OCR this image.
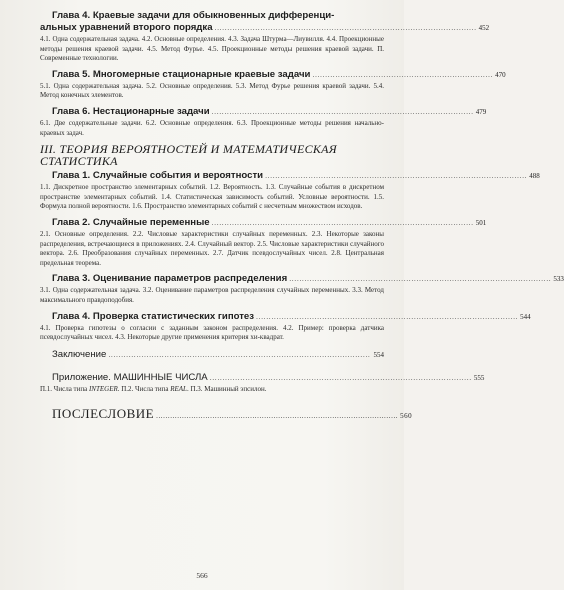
Глава 4. Краевые задачи для обыкновенных дифференци-
альных уравнений второго порядка ....................................................................................................... 452

4.1. Одна содержательная задача. 4.2. Основные определения. 4.3. Задача Штурма—Лиувилля. 4.4. Проекционные методы решения краевой задачи. 4.5. Метод Фурье. 4.5. Проекционные методы решения краевой задачи. П. Современные технологии.

Глава 5. Многомерные стационарные краевые задачи ....................................................................... 470

5.1. Одна содержательная задача. 5.2. Основные определения. 5.3. Метод Фурье решения краевой задачи. 5.4. Метод конечных элементов.

Глава 6. Нестационарные задачи ....................................................................................................... 479

6.1. Две содержательные задачи. 6.2. Основные определения. 6.3. Проекционные методы решения начально-краевых задач.

III. ТЕОРИЯ ВЕРОЯТНОСТЕЙ И МАТЕМАТИЧЕСКАЯ
СТАТИСТИКА
Глава 1. Случайные события и вероятности ....................................................................................................... 488

1.1. Дискретное пространство элементарных событий. 1.2. Вероятность. 1.3. Случайные события в дискретном пространстве элементарных событий. 1.4. Статистическая зависимость событий. Условные вероятности. 1.5. Формула полной вероятности. 1.6. Пространство элементарных событий с несчетным множеством исходов.

Глава 2. Случайные переменные ....................................................................................................... 501

2.1. Основные определения. 2.2. Числовые характеристики случайных переменных. 2.3. Некоторые законы распределения, встречающиеся в приложениях. 2.4. Случайный вектор. 2.5. Числовые характеристики случайного вектора. 2.6. Преобразования случайных переменных. 2.7. Датчик псевдослучайных чисел. 2.8. Центральная предельная теорема.

Глава 3. Оценивание параметров распределения ....................................................................................................... 533

3.1. Одна содержательная задача. 3.2. Оценивание параметров распределения случайных переменных. 3.3. Метод максимального правдоподобия.

Глава 4. Проверка статистических гипотез ....................................................................................................... 544

4.1. Проверка гипотезы о согласии с заданным законом распределения. 4.2. Пример: проверка датчика псевдослучайных чисел. 4.3. Некоторые другие применения критерия хи-квадрат.

Заключение ....................................................................................................... 554
Приложение. МАШИННЫЕ ЧИСЛА ....................................................................................................... 555

П.1. Числа типа INTEGER. П.2. Числа типа REAL. П.3. Машинный эпсилон.

ПОСЛЕСЛОВИЕ ....................................................................................................... 560
566
